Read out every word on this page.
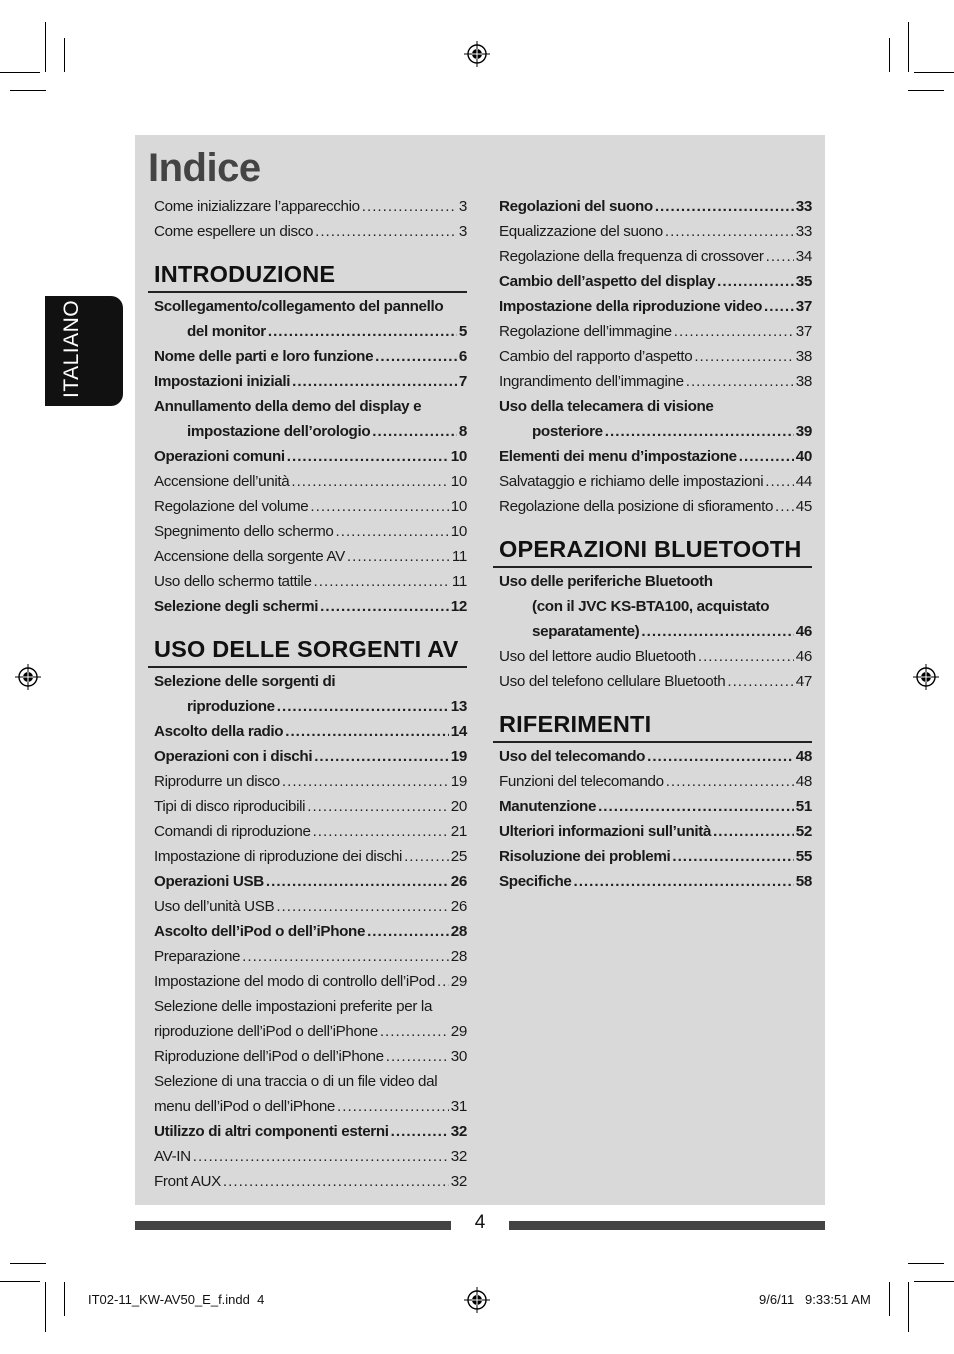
Indice
ITALIANO
Come inizializzare l’apparecchio .....	3
Come espellere un disco .....	3
INTRODUZIONE
Scollegamento/collegamento del pannello
del monitor .....	5
Nome delle parti e loro funzione .....	6
Impostazioni iniziali .....	7
Annullamento della demo del display e
impostazione dell’orologio .....	8
Operazioni comuni .....	10
Accensione dell’unità .....	10
Regolazione del volume .....	10
Spegnimento dello schermo .....	10
Accensione della sorgente AV .....	11
Uso dello schermo tattile .....	11
Selezione degli schermi .....	12
USO DELLE SORGENTI AV
Selezione delle sorgenti di
riproduzione .....	13
Ascolto della radio .....	14
Operazioni con i dischi .....	19
Riprodurre un disco .....	19
Tipi di disco riproducibili .....	20
Comandi di riproduzione .....	21
Impostazione di riproduzione dei dischi .....	25
Operazioni USB .....	26
Uso dell’unità USB .....	26
Ascolto dell’iPod o dell’iPhone .....	28
Preparazione .....	28
Impostazione del modo di controllo dell’iPod ..... 29
Selezione delle impostazioni preferite per la
riproduzione dell’iPod o dell’iPhone .....	29
Riproduzione dell’iPod o dell’iPhone .....	30
Selezione di una traccia o di un file video dal
menu dell’iPod o dell’iPhone .....	31
Utilizzo di altri componenti esterni .....	32
AV-IN .....	32
Front AUX .....	32
Regolazioni del suono .....	33
Equalizzazione del suono .....	33
Regolazione della frequenza di crossover ..... 34
Cambio dell’aspetto del display .....	35
Impostazione della riproduzione video ..... 37
Regolazione dell’immagine .....	37
Cambio del rapporto d’aspetto .....	38
Ingrandimento dell’immagine .....	38
Uso della telecamera di visione
posteriore .....	39
Elementi dei menu d’impostazione .....	40
Salvataggio e richiamo delle impostazioni ..... 44
Regolazione della posizione di sfioramento ..... 45
OPERAZIONI BLUETOOTH
Uso delle periferiche Bluetooth
(con il JVC KS-BTA100, acquistato
separatamente) .....	46
Uso del lettore audio Bluetooth .....	46
Uso del telefono cellulare Bluetooth .....	47
RIFERIMENTI
Uso del telecomando .....	48
Funzioni del telecomando .....	48
Manutenzione .....	51
Ulteriori informazioni sull’unità .....	52
Risoluzione dei problemi .....	55
Specifiche .....	58
4
IT02-11_KW-AV50_E_f.indd 4	9/6/11 9:33:51 AM
